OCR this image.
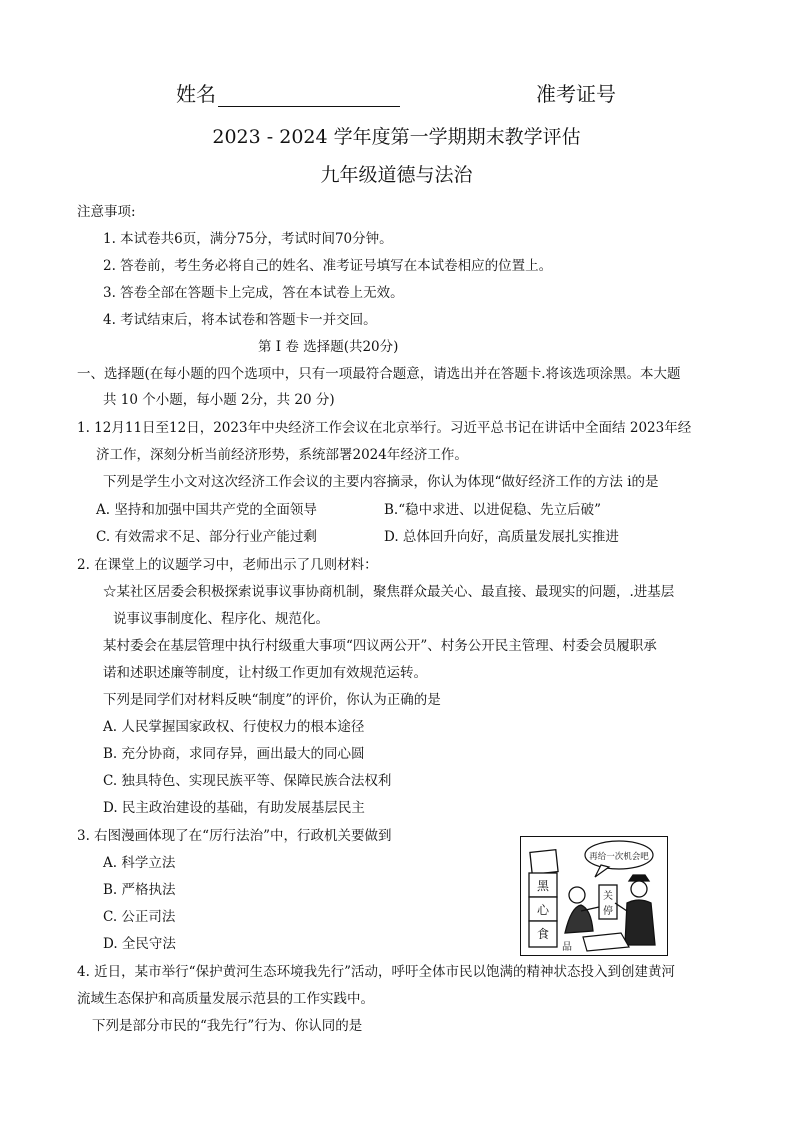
姓名	准考证号
2023 - 2024 学年度第一学期期末教学评估
九年级道德与法治
注意事项:
1. 本试卷共6页，满分75分，考试时间70分钟。
2. 答卷前，考生务必将自己的姓名、准考证号填写在本试卷相应的位置上。
3. 答卷全部在答题卡上完成，答在本试卷上无效。
4. 考试结束后，将本试卷和答题卡一并交回。
第 I 卷 选择题(共20分)
一、选择题(在每小题的四个选项中，只有一项最符合题意，请选出并在答题卡.将该选项涂黑。本大题
共 10 个小题，每小题 2分，共 20 分)
1. 12月11日至12日，2023年中央经济工作会议在北京举行。习近平总书记在讲话中全面结 2023年经
济工作，深刻分析当前经济形势，系统部署2024年经济工作。
下列是学生小文对这次经济工作会议的主要内容摘录，你认为体现“做好经济工作的方法 i的是
A. 坚持和加强中国共产党的全面领导	B.“稳中求进、以进促稳、先立后破”
C. 有效需求不足、部分行业产能过剩	D. 总体回升向好，高质量发展扎实推进
2. 在课堂上的议题学习中，老师出示了几则材料：
☆某社区居委会积极探索说事议事协商机制，聚焦群众最关心、最直接、最现实的问题，.进基层
说事议事制度化、程序化、规范化。
某村委会在基层管理中执行村级重大事项“四议两公开”、村务公开民主管理、村委会员履职承
诺和述职述廉等制度，让村级工作更加有效规范运转。
下列是同学们对材料反映“制度”的评价，你认为正确的是
A. 人民掌握国家政权、行使权力的根本途径
B. 充分协商，求同存异，画出最大的同心圆
C. 独具特色、实现民族平等、保障民族合法权利
D. 民主政治建设的基础，有助发展基层民主
3. 右图漫画体现了在“厉行法治”中，行政机关要做到
A. 科学立法
B. 严格执法
C. 公正司法
D. 全民守法
黑
心
食
品
再给一次机会吧
关
停
4. 近日，某市举行“保护黄河生态环境我先行”活动，呼吁全体市民以饱满的精神状态投入到创建黄河
流域生态保护和高质量发展示范县的工作实践中。
下列是部分市民的“我先行”行为、你认同的是
